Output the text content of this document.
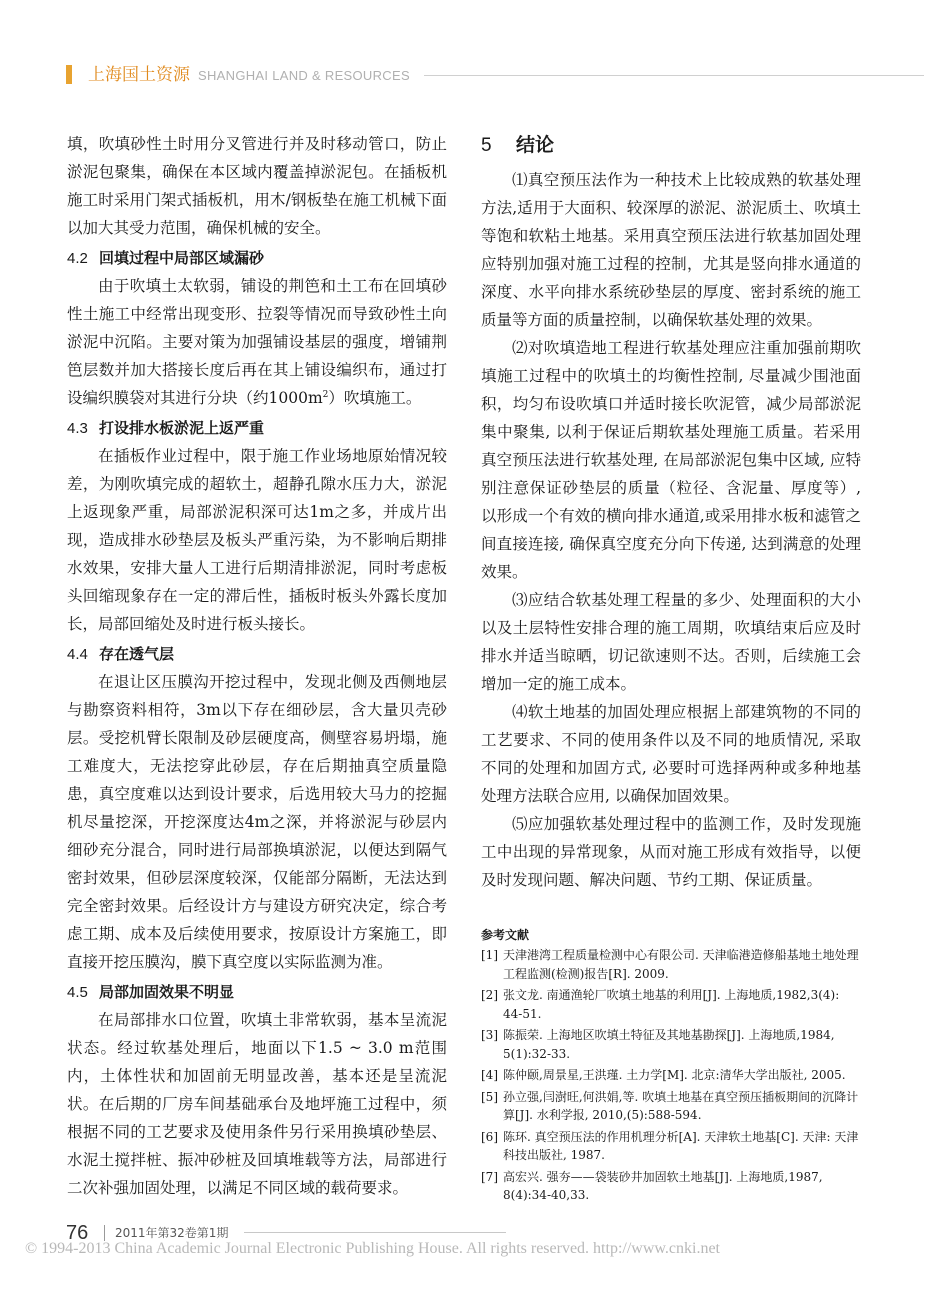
上海国土资源 SHANGHAI LAND & RESOURCES

填，吹填砂性土时用分叉管进行并及时移动管口，防止淤泥包聚集，确保在本区域内覆盖掉淤泥包。在插板机施工时采用门架式插板机，用木/钢板垫在施工机械下面以加大其受力范围，确保机械的安全。

4.2 回填过程中局部区域漏砂

由于吹填土太软弱，铺设的荆笆和土工布在回填砂性土施工中经常出现变形、拉裂等情况而导致砂性土向淤泥中沉陷。主要对策为加强铺设基层的强度，增铺荆笆层数并加大搭接长度后再在其上铺设编织布，通过打设编织膜袋对其进行分块（约$1000m^2$）吹填施工。

4.3 打设排水板淤泥上返严重

在插板作业过程中，限于施工作业场地原始情况较差，为刚吹填完成的超软土，超静孔隙水压力大，淤泥上返现象严重，局部淤泥积深可达1m之多，并成片出现，造成排水砂垫层及板头严重污染，为不影响后期排水效果，安排大量人工进行后期清排淤泥，同时考虑板头回缩现象存在一定的滞后性，插板时板头外露长度加长，局部回缩处及时进行板头接长。

4.4 存在透气层

在退让区压膜沟开挖过程中，发现北侧及西侧地层与勘察资料相符，3m以下存在细砂层，含大量贝壳砂层。受挖机臂长限制及砂层硬度高，侧壁容易坍塌，施工难度大，无法挖穿此砂层，存在后期抽真空质量隐患，真空度难以达到设计要求，后选用较大马力的挖掘机尽量挖深，开挖深度达4m之深，并将淤泥与砂层内细砂充分混合，同时进行局部换填淤泥，以便达到隔气密封效果，但砂层深度较深，仅能部分隔断，无法达到完全密封效果。后经设计方与建设方研究决定，综合考虑工期、成本及后续使用要求，按原设计方案施工，即直接开挖压膜沟，膜下真空度以实际监测为准。

4.5 局部加固效果不明显

在局部排水口位置，吹填土非常软弱，基本呈流泥状态。经过软基处理后，地面以下1.5 ~ 3.0 m范围内，土体性状和加固前无明显改善，基本还是呈流泥状。在后期的厂房车间基础承台及地坪施工过程中，须根据不同的工艺要求及使用条件另行采用换填砂垫层、水泥土搅拌桩、振冲砂桩及回填堆载等方法，局部进行二次补强加固处理，以满足不同区域的载荷要求。

5 结论

⑴真空预压法作为一种技术上比较成熟的软基处理方法,适用于大面积、较深厚的淤泥、淤泥质土、吹填土等饱和软粘土地基。采用真空预压法进行软基加固处理应特别加强对施工过程的控制，尤其是竖向排水通道的深度、水平向排水系统砂垫层的厚度、密封系统的施工质量等方面的质量控制，以确保软基处理的效果。

⑵对吹填造地工程进行软基处理应注重加强前期吹填施工过程中的吹填土的均衡性控制, 尽量减少围池面积，均匀布设吹填口并适时接长吹泥管，减少局部淤泥集中聚集, 以利于保证后期软基处理施工质量。若采用真空预压法进行软基处理, 在局部淤泥包集中区域, 应特别注意保证砂垫层的质量（粒径、含泥量、厚度等）, 以形成一个有效的横向排水通道,或采用排水板和滤管之间直接连接, 确保真空度充分向下传递, 达到满意的处理效果。

⑶应结合软基处理工程量的多少、处理面积的大小以及土层特性安排合理的施工周期，吹填结束后应及时排水并适当晾晒，切记欲速则不达。否则，后续施工会增加一定的施工成本。

⑷软土地基的加固处理应根据上部建筑物的不同的工艺要求、不同的使用条件以及不同的地质情况, 采取不同的处理和加固方式, 必要时可选择两种或多种地基处理方法联合应用, 以确保加固效果。

⑸应加强软基处理过程中的监测工作，及时发现施工中出现的异常现象，从而对施工形成有效指导，以便及时发现问题、解决问题、节约工期、保证质量。

参考文献
[1] 天津港湾工程质量检测中心有限公司. 天津临港造修船基地土地处理工程监测(检测)报告[R]. 2009.
[2] 张文龙. 南通渔轮厂吹填土地基的利用[J]. 上海地质,1982,3(4): 44-51.
[3] 陈振荣. 上海地区吹填土特征及其地基勘探[J]. 上海地质,1984, 5(1):32-33.
[4] 陈仲颐,周景星,王洪瑾. 土力学[M]. 北京:清华大学出版社, 2005.
[5] 孙立强,闫澍旺,何洪娟,等. 吹填土地基在真空预压插板期间的沉降计算[J]. 水利学报, 2010,(5):588-594.
[6] 陈环. 真空预压法的作用机理分析[A]. 天津软土地基[C]. 天津: 天津科技出版社, 1987.
[7] 高宏兴. 强夯——袋装砂井加固软土地基[J]. 上海地质,1987, 8(4):34-40,33.
76 2011年第32卷第1期
© 1994-2013 China Academic Journal Electronic Publishing House. All rights reserved. http://www.cnki.net
